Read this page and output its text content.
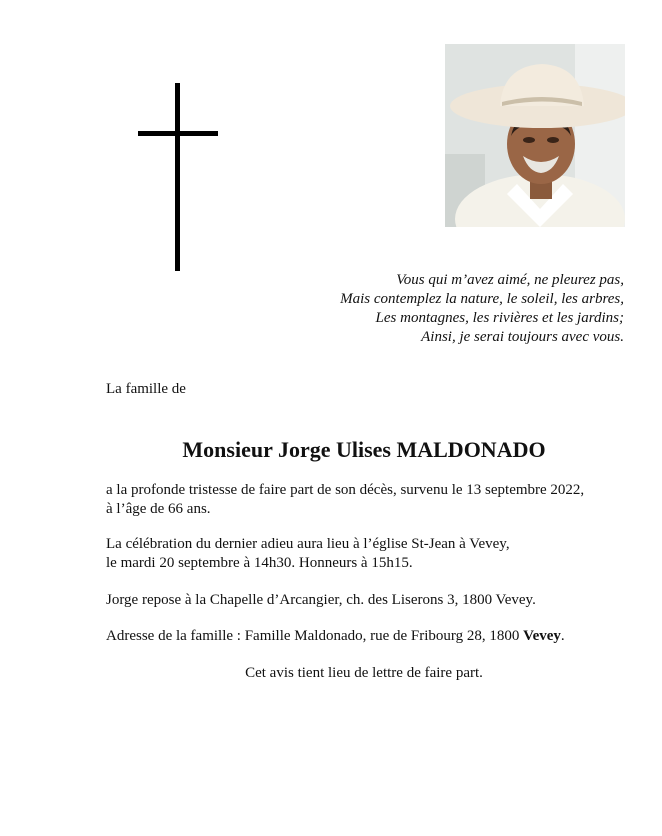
Vous qui m’avez aimé, ne pleurez pas,
Mais contemplez la nature, le soleil, les arbres,
Les montagnes, les rivières et les jardins;
Ainsi, je serai toujours avec vous.
La famille de
Monsieur Jorge Ulises MALDONADO
a la profonde tristesse de faire part de son décès, survenu le 13 septembre 2022,
à l’âge de 66 ans.
La célébration du dernier adieu aura lieu à l’église St-Jean à Vevey,
le mardi 20 septembre à 14h30. Honneurs à 15h15.
Jorge repose à la Chapelle d’Arcangier, ch. des Liserons 3, 1800 Vevey.
Adresse de la famille : Famille Maldonado, rue de Fribourg 28, 1800 Vevey.
Cet avis tient lieu de lettre de faire part.
